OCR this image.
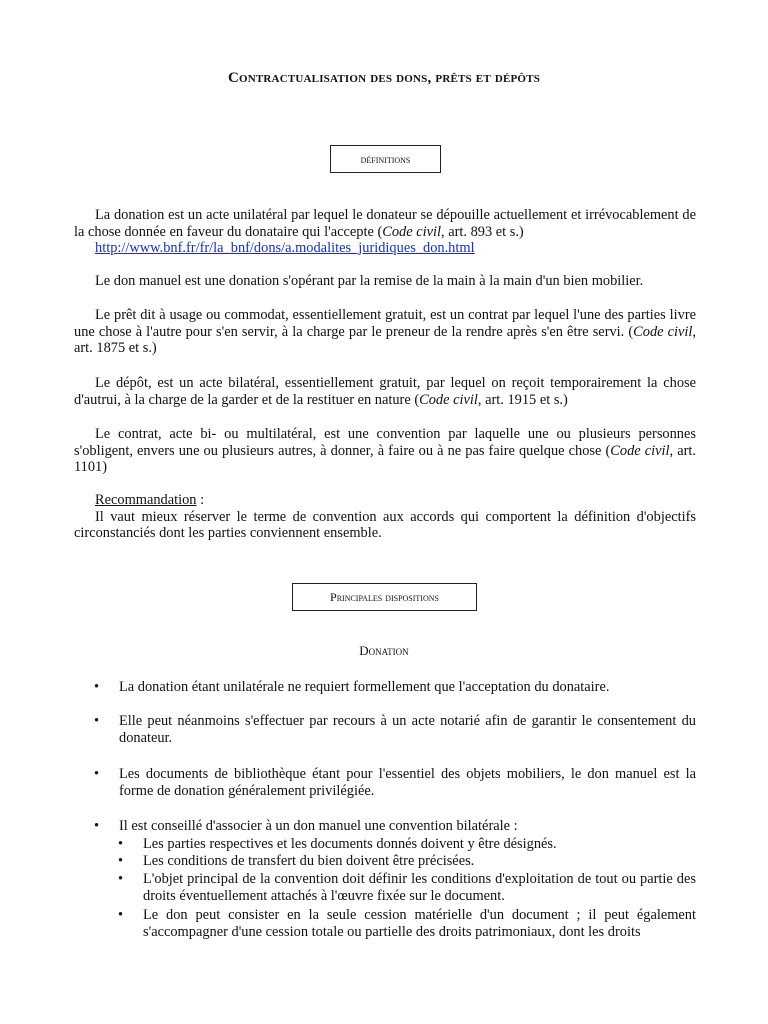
Contractualisation des dons, prêts et dépôts
définitions

La donation est un acte unilatéral par lequel le donateur se dépouille actuellement et irrévocablement de la chose donnée en faveur du donataire qui l'accepte (Code civil, art. 893 et s.)
http://www.bnf.fr/fr/la_bnf/dons/a.modalites_juridiques_don.html

Le don manuel est une donation s'opérant par la remise de la main à la main d'un bien mobilier.

Le prêt dit à usage ou commodat, essentiellement gratuit, est un contrat par lequel l'une des parties livre une chose à l'autre pour s'en servir, à la charge par le preneur de la rendre après s'en être servi. (Code civil, art. 1875 et s.)

Le dépôt, est un acte bilatéral, essentiellement gratuit, par lequel on reçoit temporairement la chose d'autrui, à la charge de la garder et de la restituer en nature (Code civil, art. 1915 et s.)

Le contrat, acte bi- ou multilatéral, est une convention par laquelle une ou plusieurs personnes s'obligent, envers une ou plusieurs autres, à donner, à faire ou à ne pas faire quelque chose (Code civil, art. 1101)

Recommandation :
Il vaut mieux réserver le terme de convention aux accords qui comportent la définition d'objectifs circonstanciés dont les parties conviennent ensemble.

Principales dispositions
Donation
• La donation étant unilatérale ne requiert formellement que l'acceptation du donataire.
• Elle peut néanmoins s'effectuer par recours à un acte notarié afin de garantir le consentement du donateur.
• Les documents de bibliothèque étant pour l'essentiel des objets mobiliers, le don manuel est la forme de donation généralement privilégiée.
• Il est conseillé d'associer à un don manuel une convention bilatérale :
• Les parties respectives et les documents donnés doivent y être désignés.
• Les conditions de transfert du bien doivent être précisées.
• L'objet principal de la convention doit définir les conditions d'exploitation de tout ou partie des droits éventuellement attachés à l'œuvre fixée sur le document.
• Le don peut consister en la seule cession matérielle d'un document ; il peut également s'accompagner d'une cession totale ou partielle des droits patrimoniaux, dont les droits
